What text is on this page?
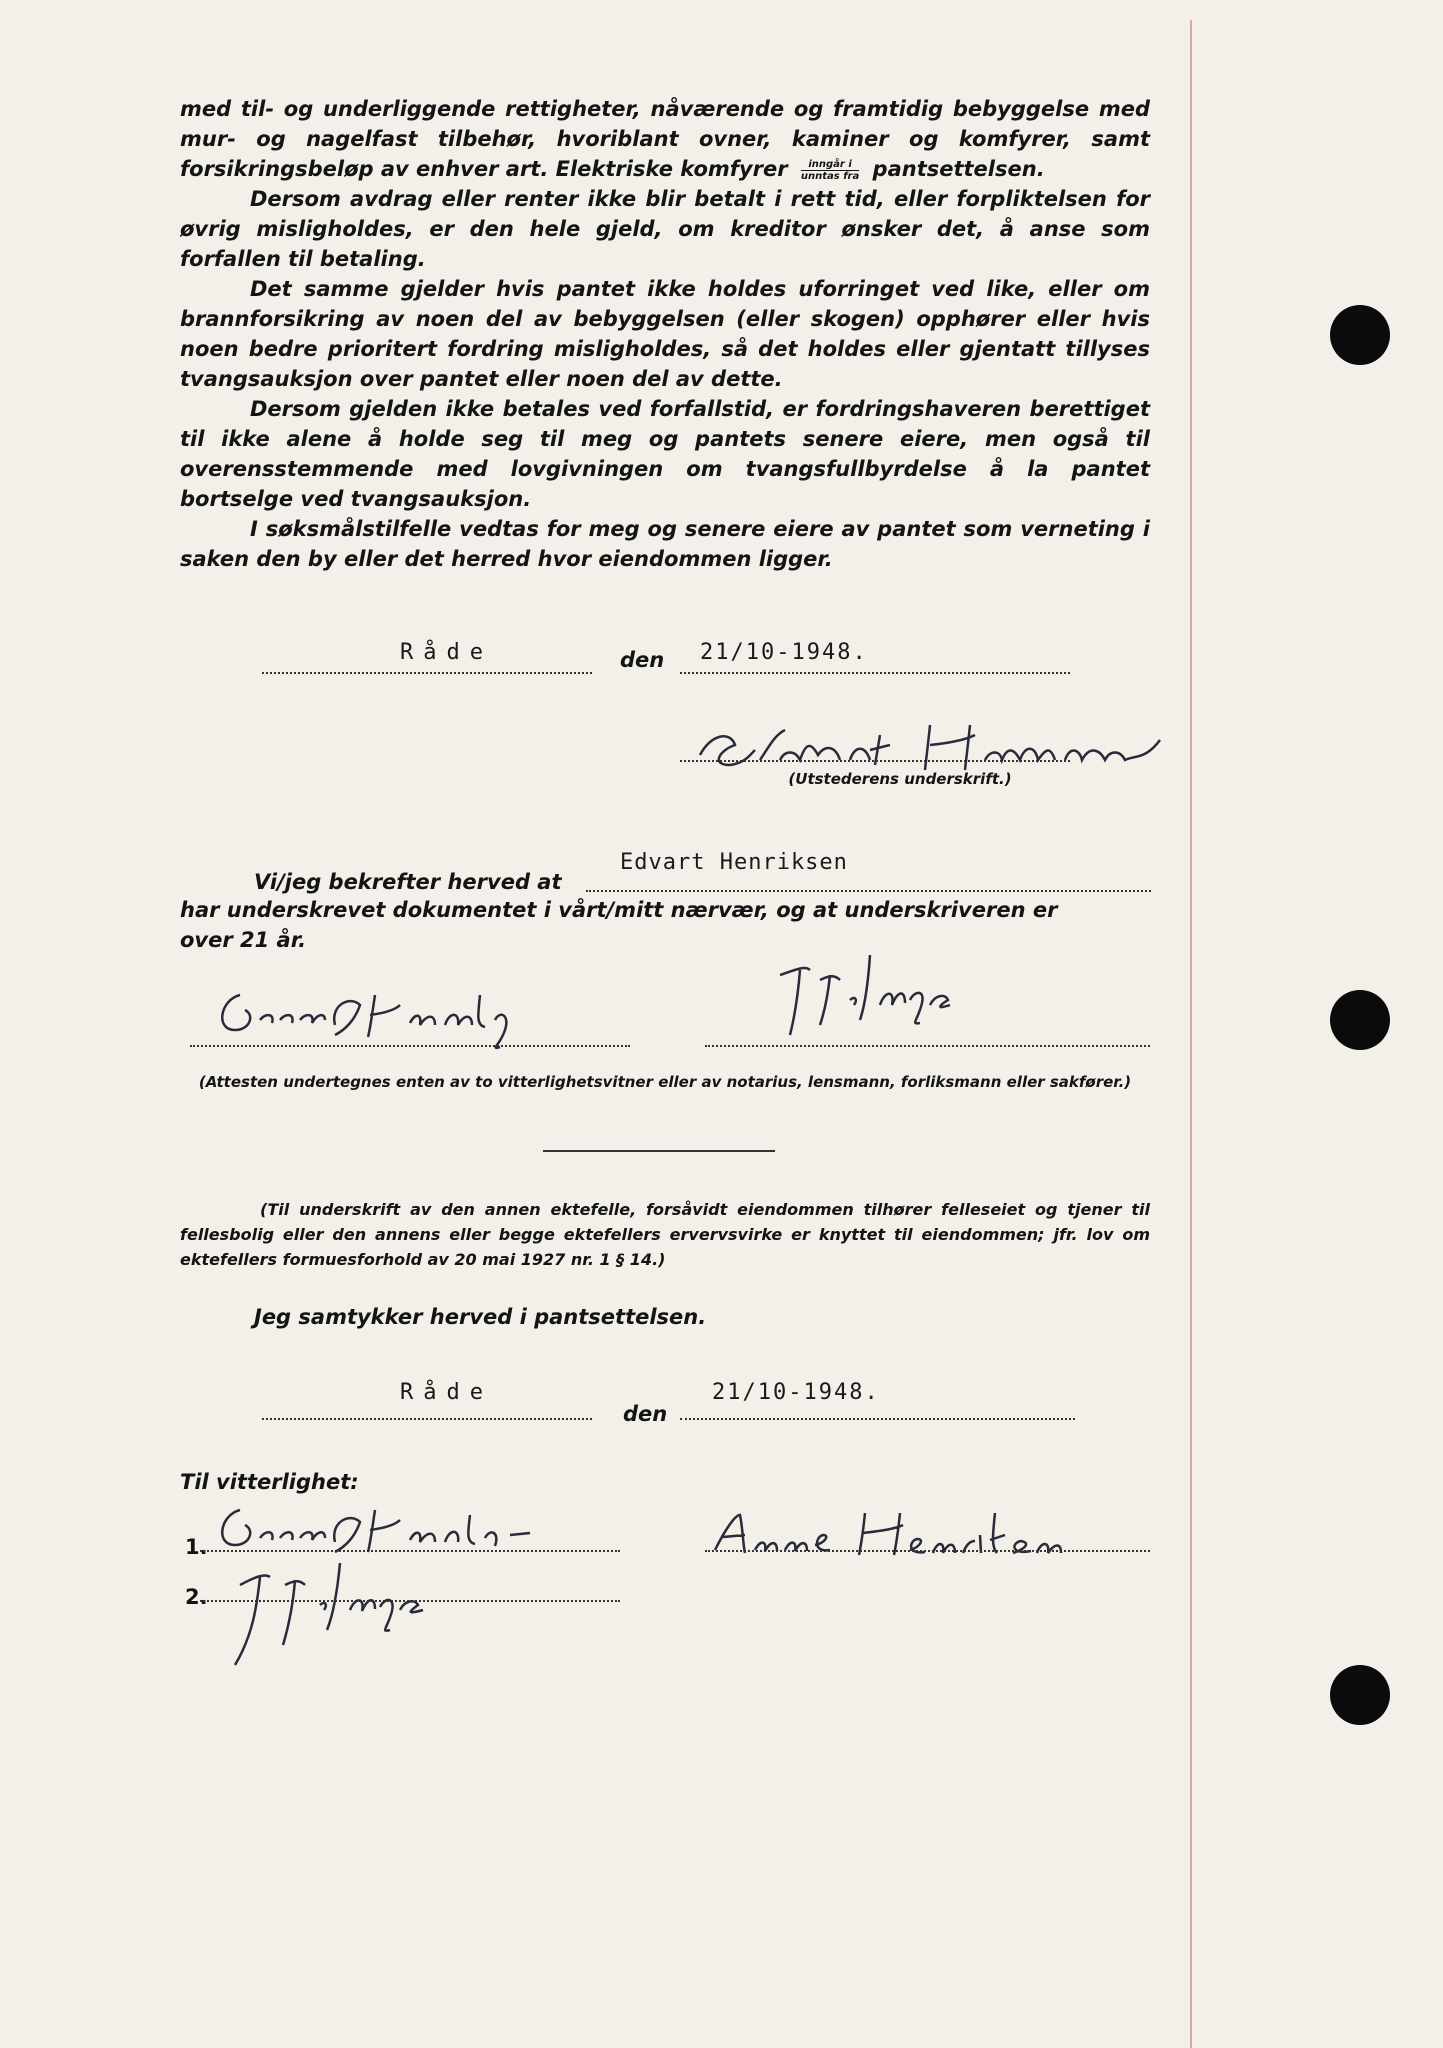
med til- og underliggende rettigheter, nåværende og framtidig bebyggelse med mur- og nagelfast tilbehør, hvoriblant ovner, kaminer og komfyrer, samt forsikringsbeløp av enhver art. Elektriske komfyrer $\frac{\text{inngår i}}{\text{unntas fra}}$ pantsettelsen.

Dersom avdrag eller renter ikke blir betalt i rett tid, eller forpliktelsen for øvrig misligholdes, er den hele gjeld, om kreditor ønsker det, å anse som forfallen til betaling.

Det samme gjelder hvis pantet ikke holdes uforringet ved like, eller om brannforsikring av noen del av bebyggelsen (eller skogen) opphører eller hvis noen bedre prioritert fordring misligholdes, så det holdes eller gjentatt tillyses tvangsauksjon over pantet eller noen del av dette.

Dersom gjelden ikke betales ved forfallstid, er fordringshaveren berettiget til ikke alene å holde seg til meg og pantets senere eiere, men også til overensstemmende med lovgivningen om tvangsfullbyrdelse å la pantet bortselge ved tvangsauksjon.

I søksmålstilfelle vedtas for meg og senere eiere av pantet som verneting i saken den by eller det herred hvor eiendommen ligger.

Råde	den 21/10-1948.
(Utstederens underskrift.)
Vi/jeg bekrefter herved at
Edvart Henriksen
har underskrevet dokumentet i vårt/mitt nærvær, og at underskriveren er
over 21 år.
(Attesten undertegnes enten av to vitterlighetsvitner eller av notarius, lensmann, forliksmann eller sakfører.)
(Til underskrift av den annen ektefelle, forsåvidt eiendommen tilhører felleseiet og tjener til fellesbolig eller den annens eller begge ektefellers ervervsvirke er knyttet til eiendommen; jfr. lov om ektefellers formuesforhold av 20 mai 1927 nr. 1 § 14.)
Jeg samtykker herved i pantsettelsen.
Råde
den
21/10-1948.
Til vitterlighet:
1.
2.
